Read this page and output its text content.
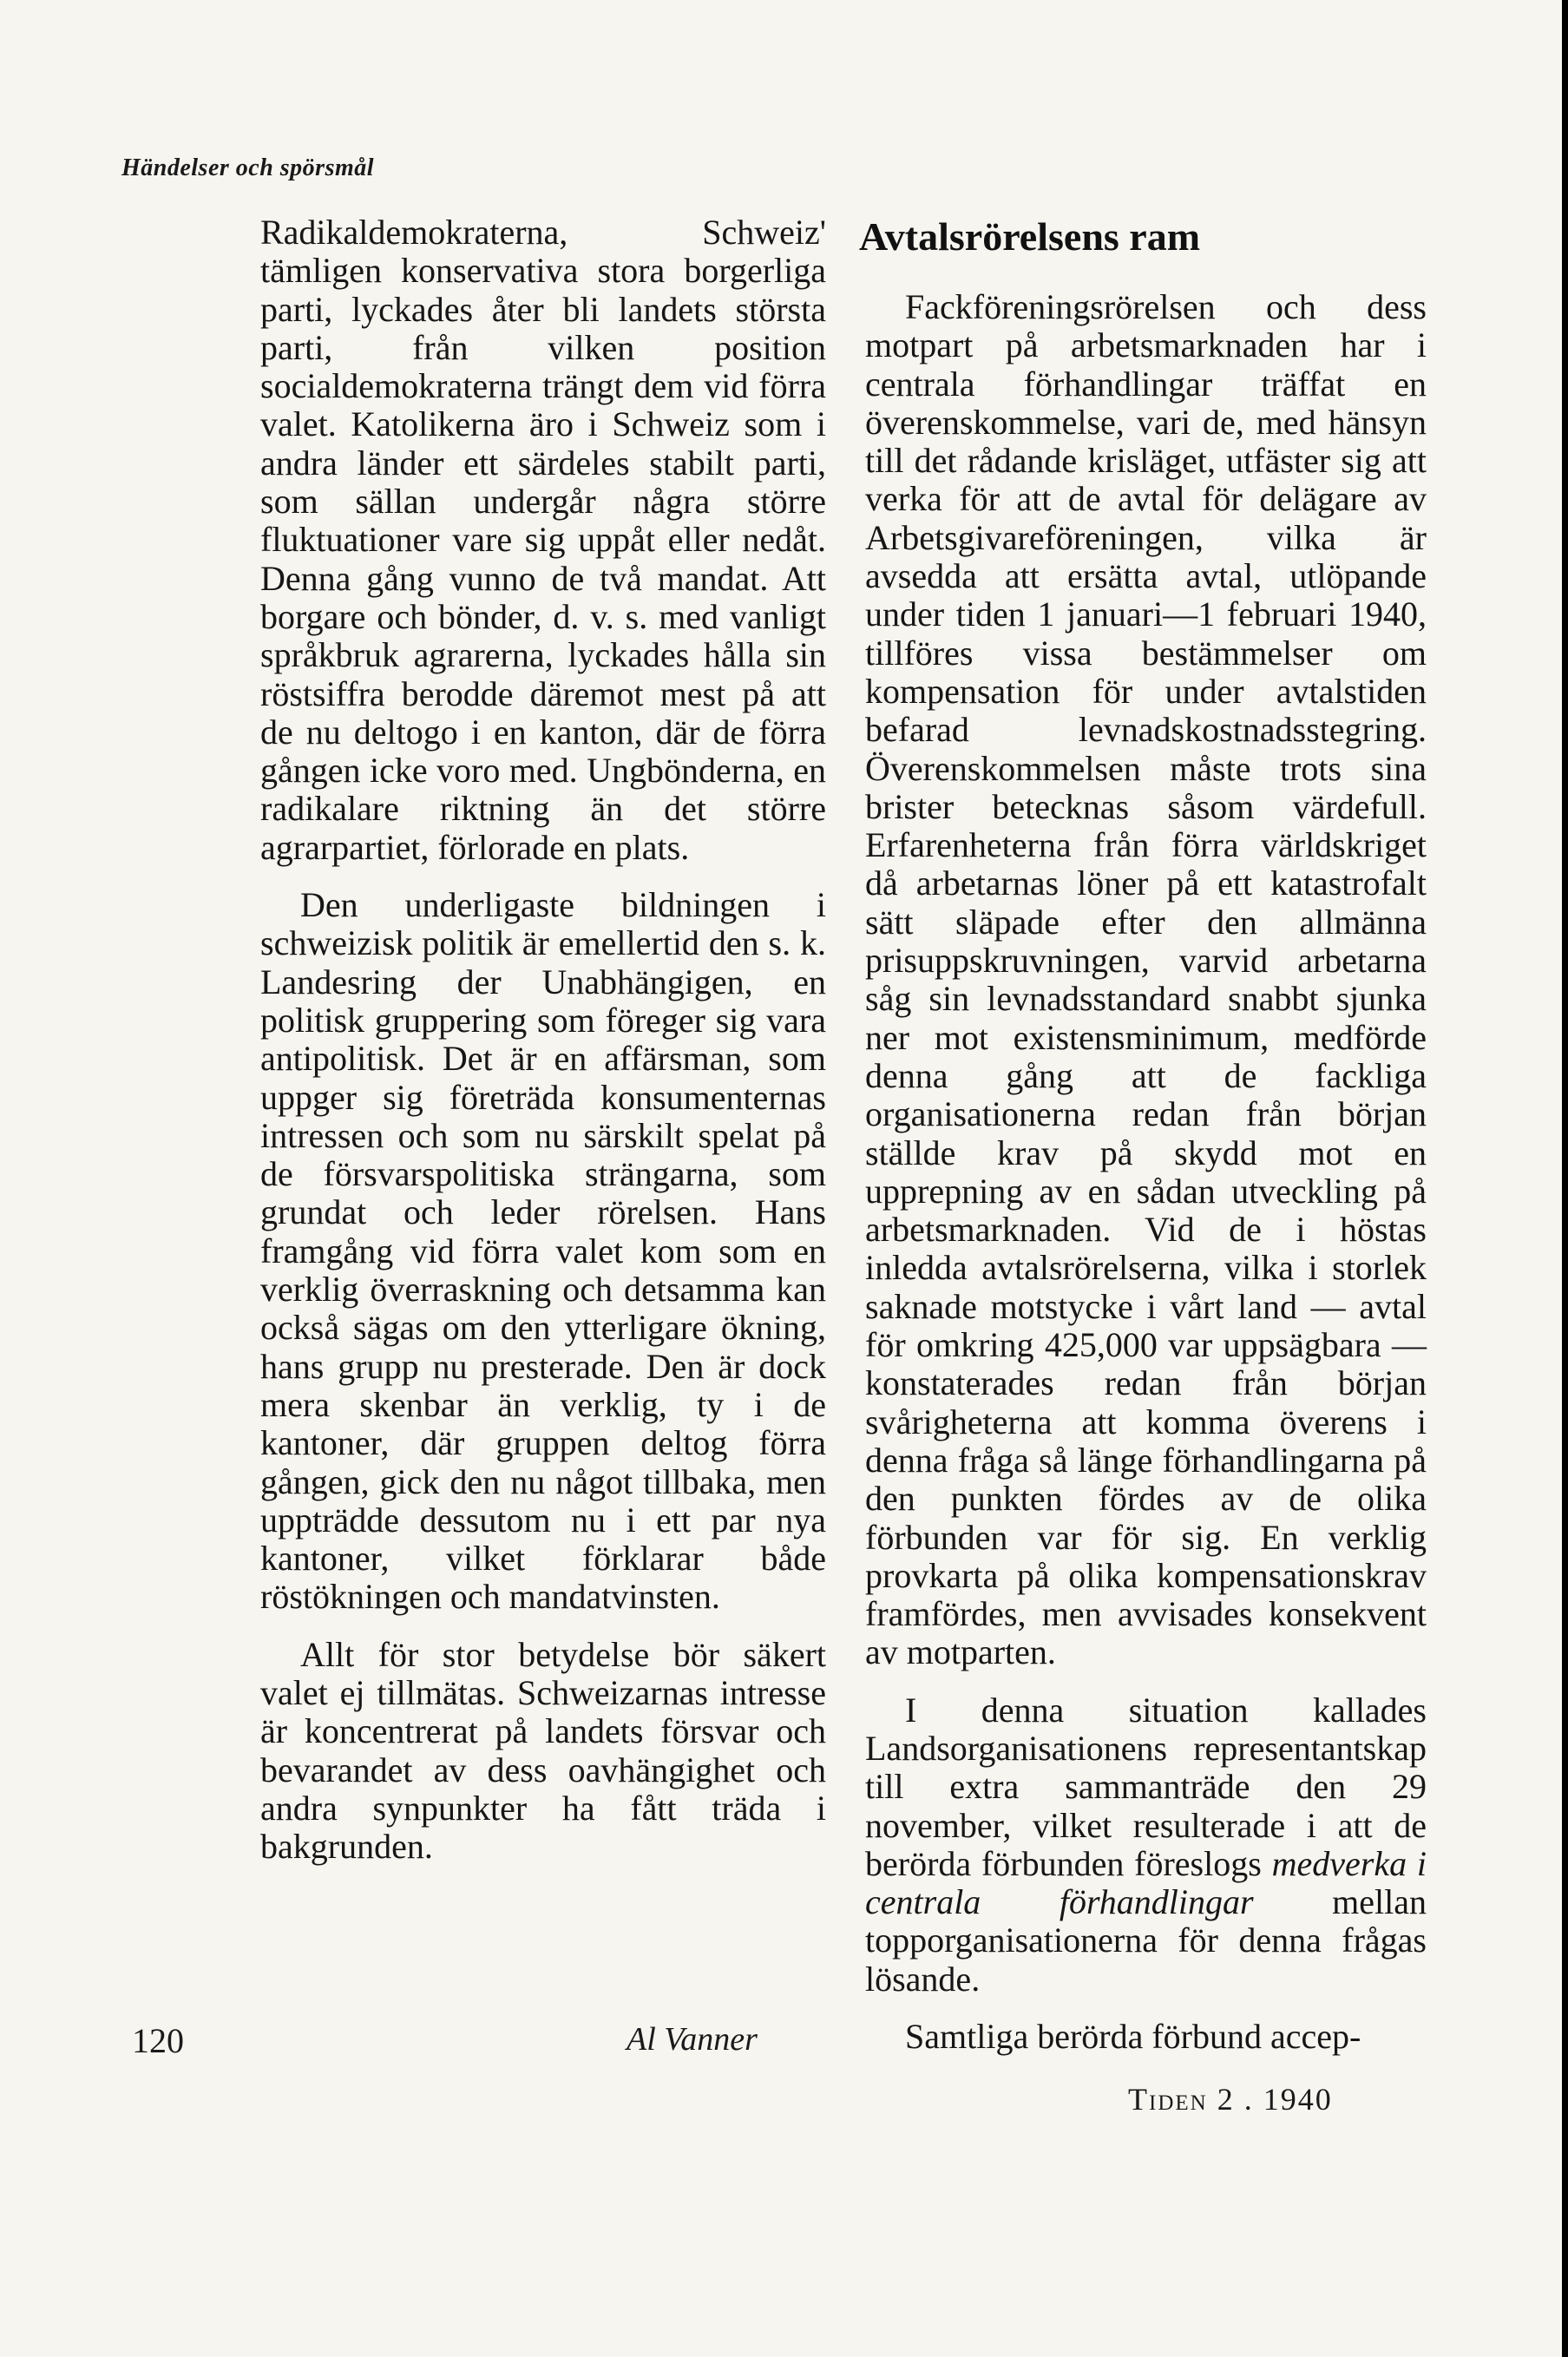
Händelser och spörsmål

Radikaldemokraterna, Schweiz' tämligen konservativa stora borgerliga parti, lyckades åter bli landets största parti, från vilken position socialdemokraterna trängt dem vid förra valet. Katolikerna äro i Schweiz som i andra länder ett särdeles stabilt parti, som sällan undergår några större fluktuationer vare sig uppåt eller nedåt. Denna gång vunno de två mandat. Att borgare och bönder, d. v. s. med vanligt språkbruk agrarerna, lyckades hålla sin röstsiffra berodde däremot mest på att de nu deltogo i en kanton, där de förra gången icke voro med. Ungbönderna, en radikalare riktning än det större agrarpartiet, förlorade en plats.

Den underligaste bildningen i schweizisk politik är emellertid den s. k. Landesring der Unabhängigen, en politisk gruppering som föreger sig vara antipolitisk. Det är en affärsman, som uppger sig företräda konsumenternas intressen och som nu särskilt spelat på de försvarspolitiska strängarna, som grundat och leder rörelsen. Hans framgång vid förra valet kom som en verklig överraskning och detsamma kan också sägas om den ytterligare ökning, hans grupp nu presterade. Den är dock mera skenbar än verklig, ty i de kantoner, där gruppen deltog förra gången, gick den nu något tillbaka, men uppträdde dessutom nu i ett par nya kantoner, vilket förklarar både röstökningen och mandatvinsten.

Allt för stor betydelse bör säkert valet ej tillmätas. Schweizarnas intresse är koncentrerat på landets försvar och bevarandet av dess oavhängighet och andra synpunkter ha fått träda i bakgrunden.

Avtalsrörelsens ram

Fackföreningsrörelsen och dess motpart på arbetsmarknaden har i centrala förhandlingar träffat en överenskommelse, vari de, med hänsyn till det rådande krisläget, utfäster sig att verka för att de avtal för delägare av Arbetsgivareföreningen, vilka är avsedda att ersätta avtal, utlöpande under tiden 1 januari—1 februari 1940, tillföres vissa bestämmelser om kompensation för under avtalstiden befarad levnadskostnadsstegring. Överenskommelsen måste trots sina brister betecknas såsom värdefull. Erfarenheterna från förra världskriget då arbetarnas löner på ett katastrofalt sätt släpade efter den allmänna prisuppskruvningen, varvid arbetarna såg sin levnadsstandard snabbt sjunka ner mot existensminimum, medförde denna gång att de fackliga organisationerna redan från början ställde krav på skydd mot en upprepning av en sådan utveckling på arbetsmarknaden. Vid de i höstas inledda avtalsrörelserna, vilka i storlek saknade motstycke i vårt land — avtal för omkring 425,000 var uppsägbara — konstaterades redan från början svårigheterna att komma överens i denna fråga så länge förhandlingarna på den punkten fördes av de olika förbunden var för sig. En verklig provkarta på olika kompensationskrav framfördes, men avvisades konsekvent av motparten.

I denna situation kallades Landsorganisationens representantskap till extra sammanträde den 29 november, vilket resulterade i att de berörda förbunden föreslogs medverka i centrala förhandlingar mellan topporganisationerna för denna frågas lösande.

Samtliga berörda förbund accep-

120	Al Vanner
Tiden 2 . 1940
